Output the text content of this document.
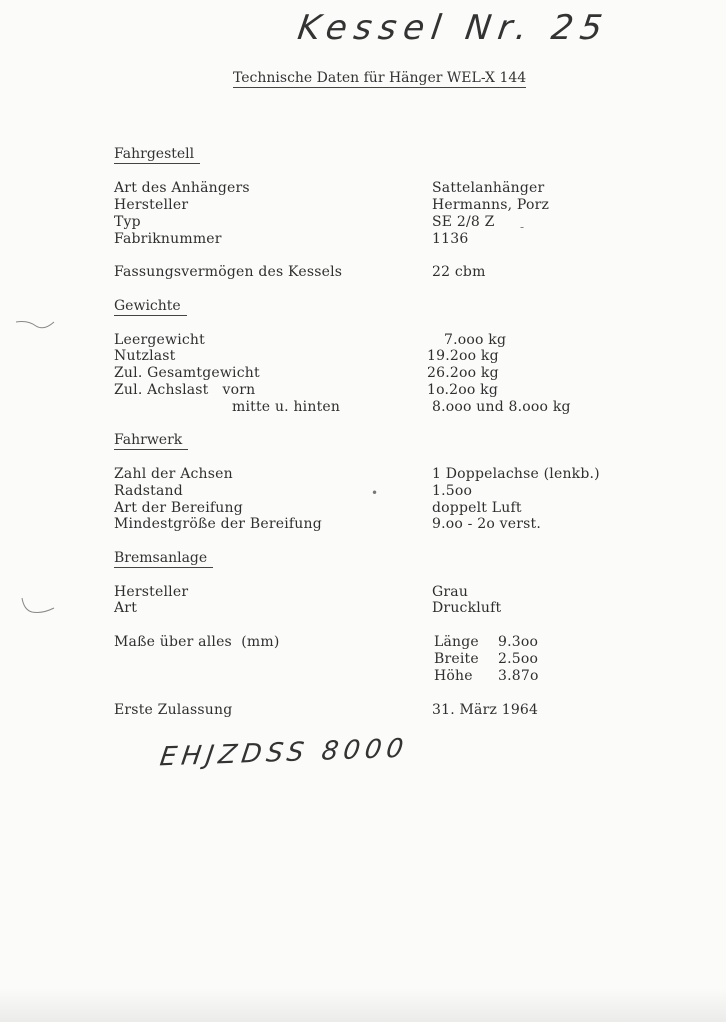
Kessel Nr. 25
Technische Daten für Hänger WEL-X 144
Fahrgestell
Art des Anhängers	Sattelanhänger
Hersteller	Hermanns, Porz
Typ	SE 2/8 Z
Fabriknummer	1136
Fassungsvermögen des Kessels	22 cbm
Gewichte
Leergewicht	7.ooo kg
Nutzlast	19.2oo kg
Zul. Gesamtgewicht	26.2oo kg
Zul. Achslast   vorn	1o.2oo kg
mitte u. hinten	8.ooo und 8.ooo kg
Fahrwerk
Zahl der Achsen	1 Doppelachse (lenkb.)
Radstand	1.5oo
Art der Bereifung	doppelt Luft
Mindestgröße der Bereifung	9.oo - 2o verst.
Bremsanlage
Hersteller	Grau
Art	Druckluft
Maße über alles  (mm)	Länge 9.3oo
Breite 2.5oo
Höhe 3.87o
Erste Zulassung	31. März 1964
EHJZDSS 8000
•
-
